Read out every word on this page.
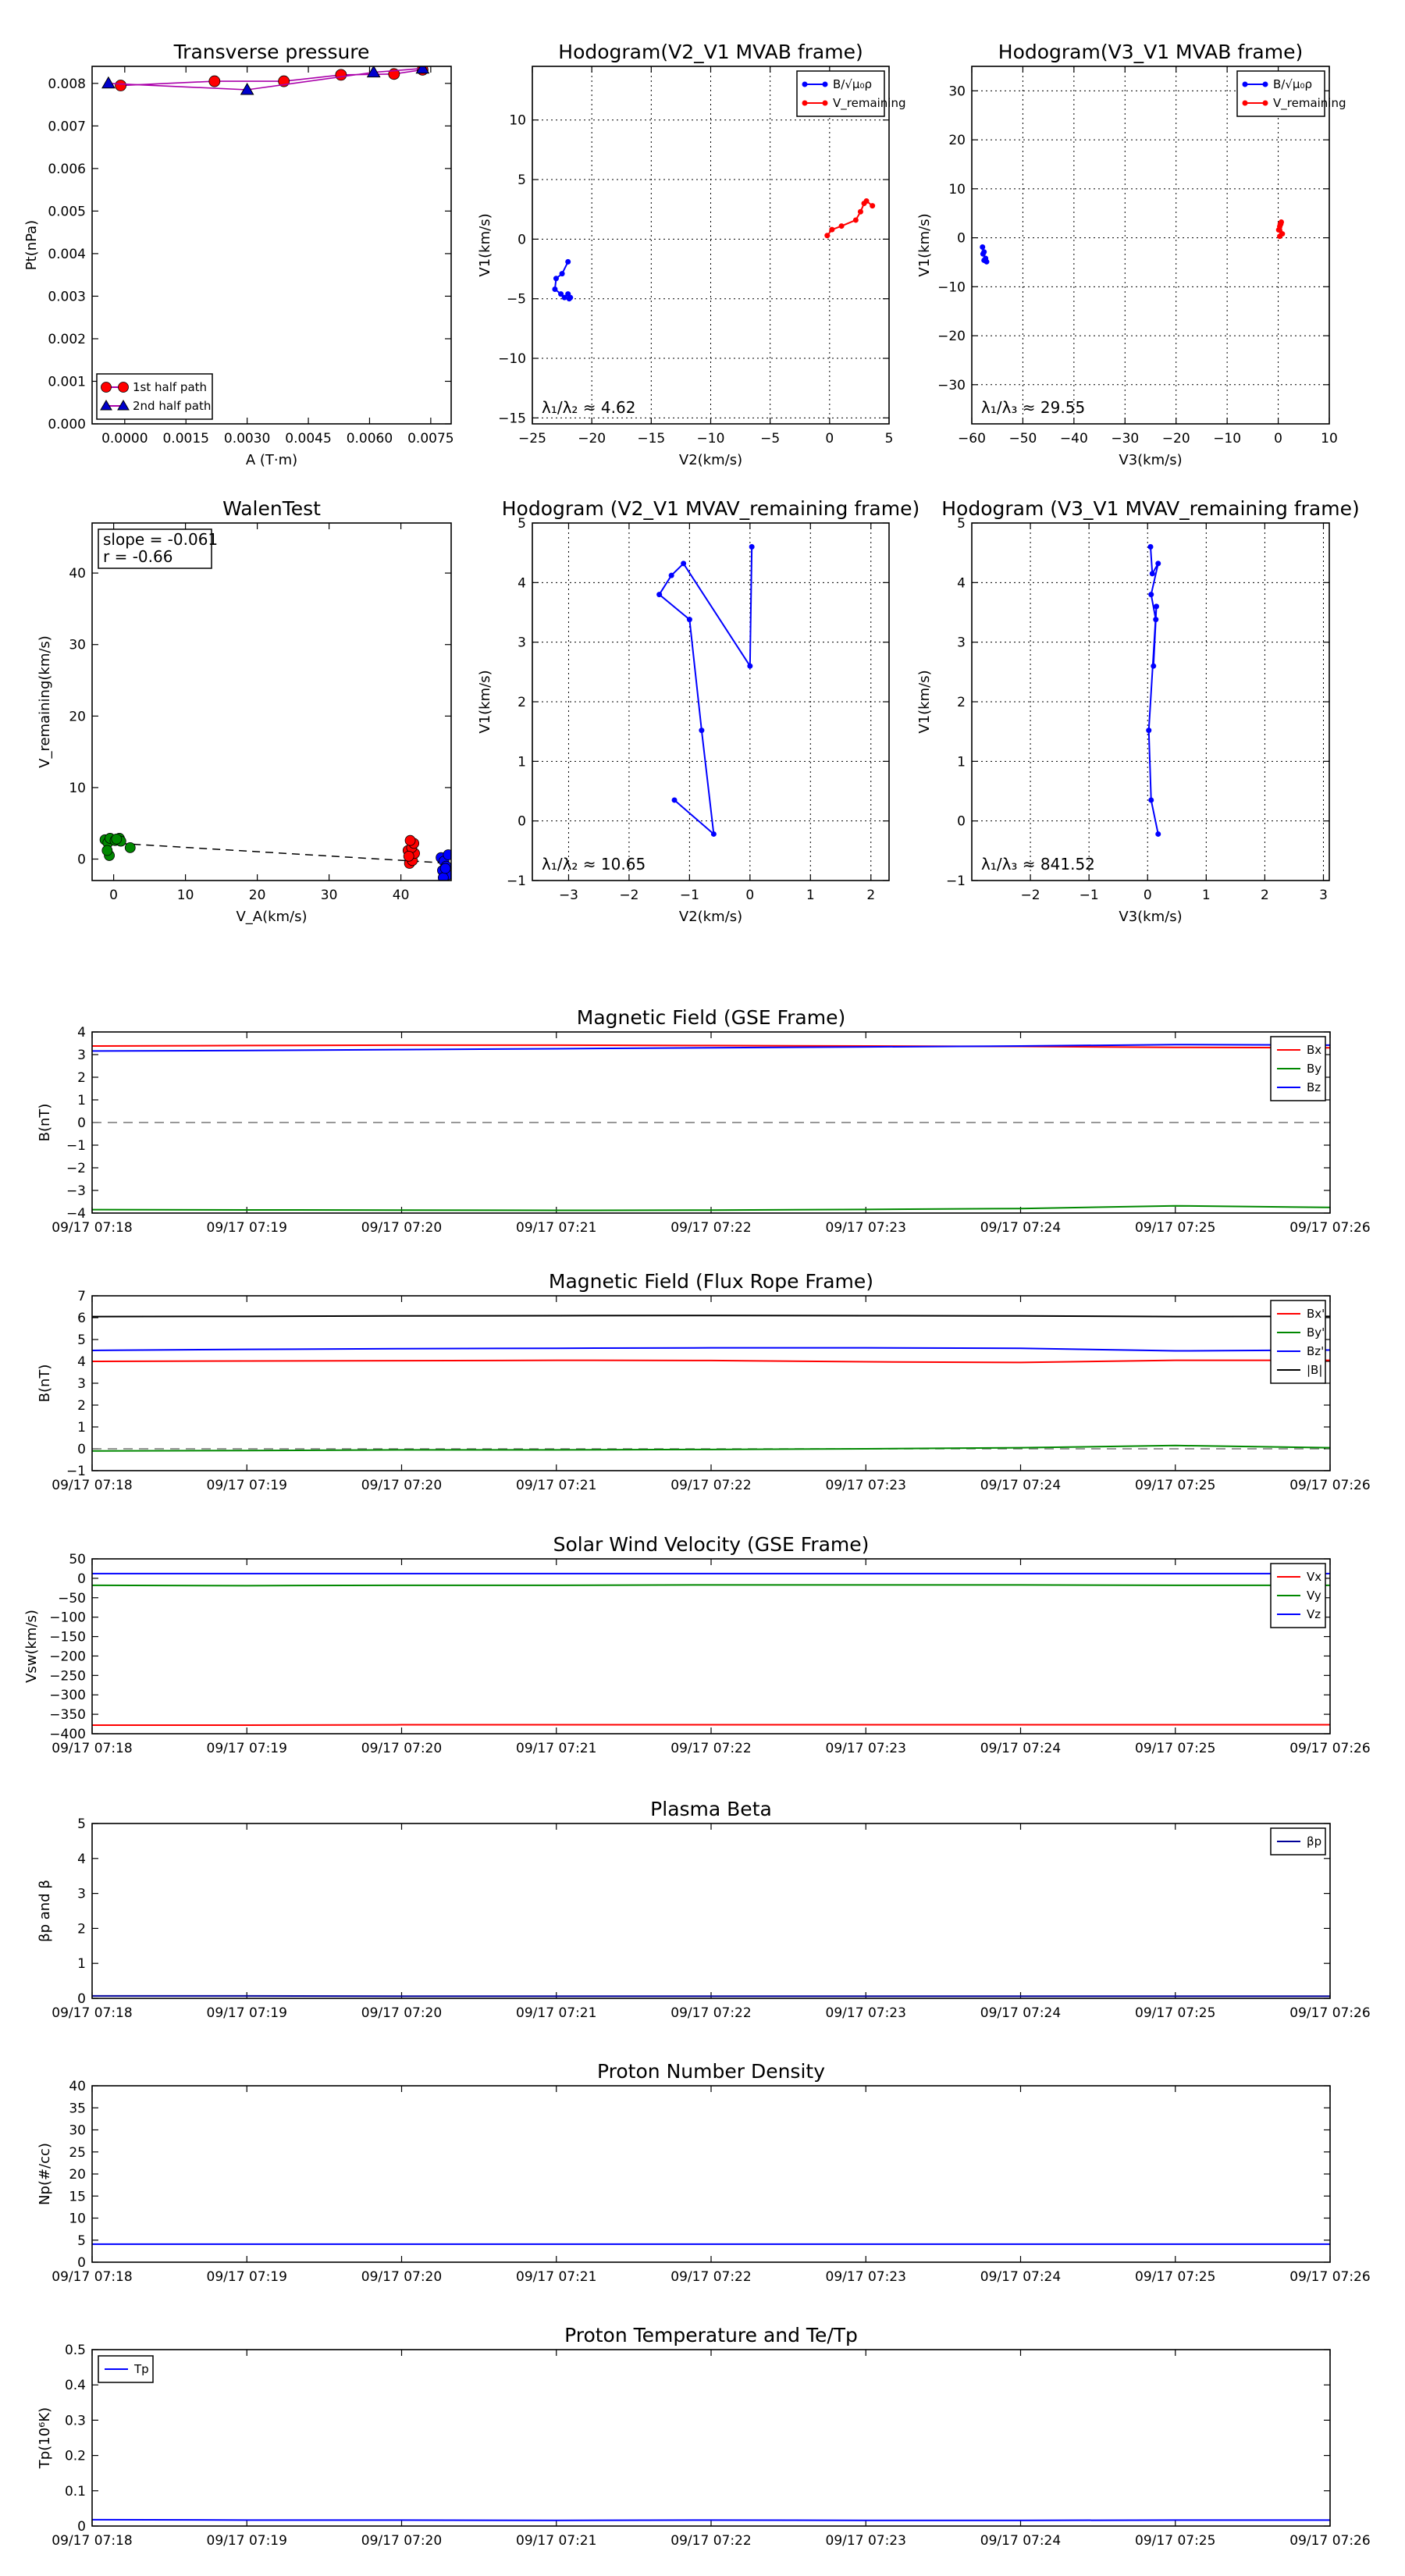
Transverse pressure
0.0000 0.0015 0.0030 0.0045 0.0060 0.0075
0.000
0.001
0.002
0.003
0.004
0.005
0.006
0.007
0.008
A (T·m)
Pt(nPa)
1st half path
2nd half path
Hodogram(V2_V1 MVAB frame)
−25 −20 −15 −10	−5	0	5
−15
−10
−5
0
5
10
V2(km/s)
V1(km/s)
λ₁/λ₂ ≈ 4.62
B/√μ₀ρ
V_remaining
Hodogram(V3_V1 MVAB frame)
−60 −50 −40 −30 −20 −10 0	10
−30
−20
−10
0
10
20
30
V3(km/s)
V1(km/s)
λ₁/λ₃ ≈ 29.55
B/√μ₀ρ
V_remaining
WalenTest
0	10	20	30	40
0
10
20
30
40
V_A(km/s)
V_remaining(km/s)
slope = -0.061
r = -0.66
Hodogram (V2_V1 MVAV_remaining frame)
−3	−2	−1	0	1	2
−1
0
1
2
3
4
5
V2(km/s)
V1(km/s)
λ₁/λ₂ ≈ 10.65
Hodogram (V3_V1 MVAV_remaining frame)
−2	−1	0	1	2	3
−1
0
1
2
3
4
5
V3(km/s)
V1(km/s)
λ₁/λ₃ ≈ 841.52
Magnetic Field (GSE Frame)
09/17 07:18	09/17 07:19	09/17 07:20	09/17 07:21	09/17 07:22	09/17 07:23	09/17 07:24	09/17 07:25	09/17 07:26
−4
−3
−2
−1
0
1
2
3
4
B(nT)
Bx
By
Bz
Magnetic Field (Flux Rope Frame)
09/17 07:18	09/17 07:19	09/17 07:20	09/17 07:21	09/17 07:22	09/17 07:23	09/17 07:24	09/17 07:25	09/17 07:26
−1
0
1
2
3
4
5
6
7
B(nT)
Bx'
By'
Bz'
|B|
Solar Wind Velocity (GSE Frame)
09/17 07:18	09/17 07:19	09/17 07:20	09/17 07:21	09/17 07:22	09/17 07:23	09/17 07:24	09/17 07:25	09/17 07:26
−400
−350
−300
−250
−200
−150
−100
−50
0
50
Vsw(km/s)
Vx
Vy
Vz
Plasma Beta
09/17 07:18	09/17 07:19	09/17 07:20	09/17 07:21	09/17 07:22	09/17 07:23	09/17 07:24	09/17 07:25	09/17 07:26
0
1
2
3
4
5
βp and β
βp
Proton Number Density
09/17 07:18	09/17 07:19	09/17 07:20	09/17 07:21	09/17 07:22	09/17 07:23	09/17 07:24	09/17 07:25	09/17 07:26
0
5
10
15
20
25
30
35
40
Np(#/cc)
Proton Temperature and Te/Tp
09/17 07:18	09/17 07:19	09/17 07:20	09/17 07:21	09/17 07:22	09/17 07:23	09/17 07:24	09/17 07:25	09/17 07:26
0
0.1
0.2
0.3
0.4
0.5
Tp(10⁶K)
Tp
